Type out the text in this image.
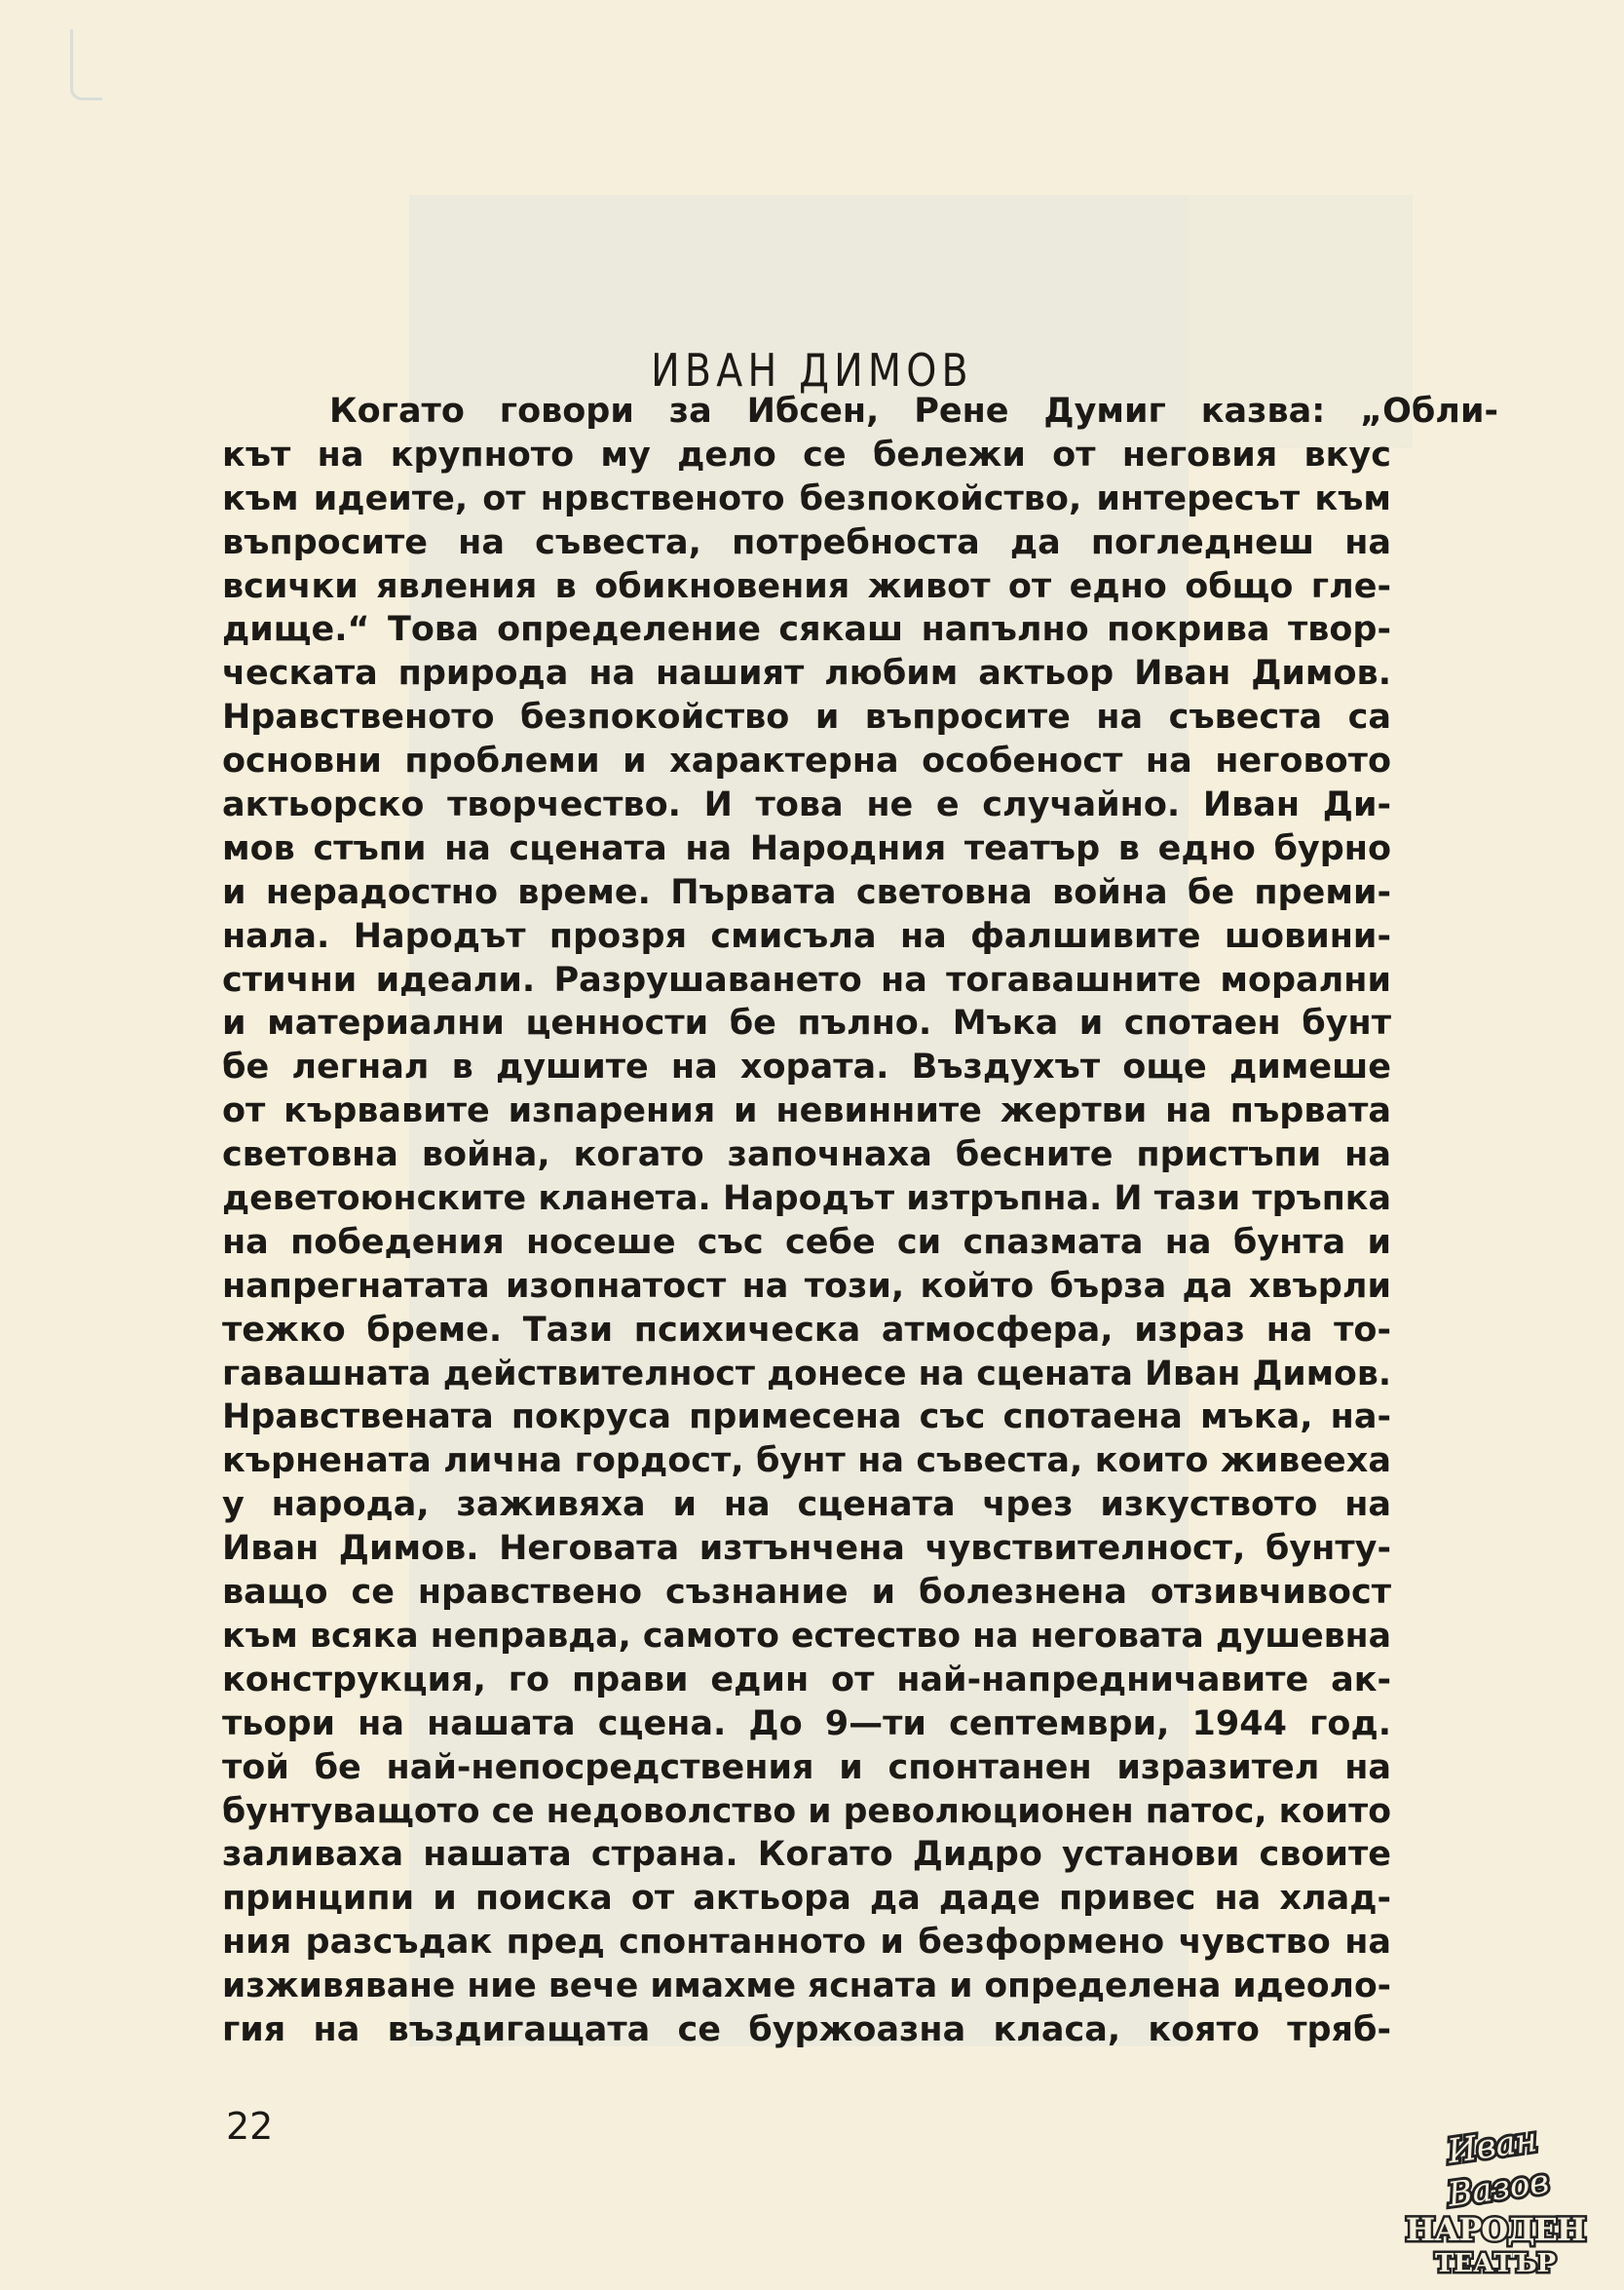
ИВАН ДИМОВ
Когато говори за Ибсен, Рене Думиг казва: „Обли-
кът на крупното му дело се бележи от неговия вкус
към идеите, от нрвственото безпокойство, интересът към
въпросите на съвеста, потребноста да погледнеш на
всички явления в обикновения живот от едно общо гле-
дище.“ Това определение сякаш напълно покрива твор-
ческата природа на нашият любим актьор Иван Димов.
Нравственото безпокойство и въпросите на съвеста са
основни проблеми и характерна особеност на неговото
актьорско творчество. И това не е случайно. Иван Ди-
мов стъпи на сцената на Народния театър в едно бурно
и нерадостно време. Първата световна война бе преми-
нала. Народът прозря смисъла на фалшивите шовини-
стични идеали. Разрушаването на тогавашните морални
и материални ценности бе пълно. Мъка и спотаен бунт
бе легнал в душите на хората. Въздухът още димеше
от кървавите изпарения и невинните жертви на първата
световна война, когато започнаха бесните пристъпи на
деветоюнските кланета. Народът изтръпна. И тази тръпка
на победения носеше със себе си спазмата на бунта и
напрегнатата изопнатост на този, който бърза да хвърли
тежко бреме. Тази психическа атмосфера, израз на то-
гавашната действителност донесе на сцената Иван Димов.
Нравствената покруса примесена със спотаена мъка, на-
кърнената лична гордост, бунт на съвеста, които живееха
у народа, заживяха и на сцената чрез изкуството на
Иван Димов. Неговата изтънчена чувствителност, бунту-
ващо се нравствено съзнание и болезнена отзивчивост
към всяка неправда, самото естество на неговата душевна
конструкция, го прави един от най-напредничавите ак-
тьори на нашата сцена. До 9—ти септември, 1944 год.
той бе най-непосредствения и спонтанен изразител на
бунтуващото се недоволство и революционен патос, които
заливаха нашата страна. Когато Дидро установи своите
принципи и поиска от актьора да даде привес на хлад-
ния разсъдак пред спонтанното и безформено чувство на
изживяване ние вече имахме ясната и определена идеоло-
гия на въздигащата се буржоазна класа, която тряб-
22	Иван Вазов
НАРОДЕН
ТЕАТЪР
